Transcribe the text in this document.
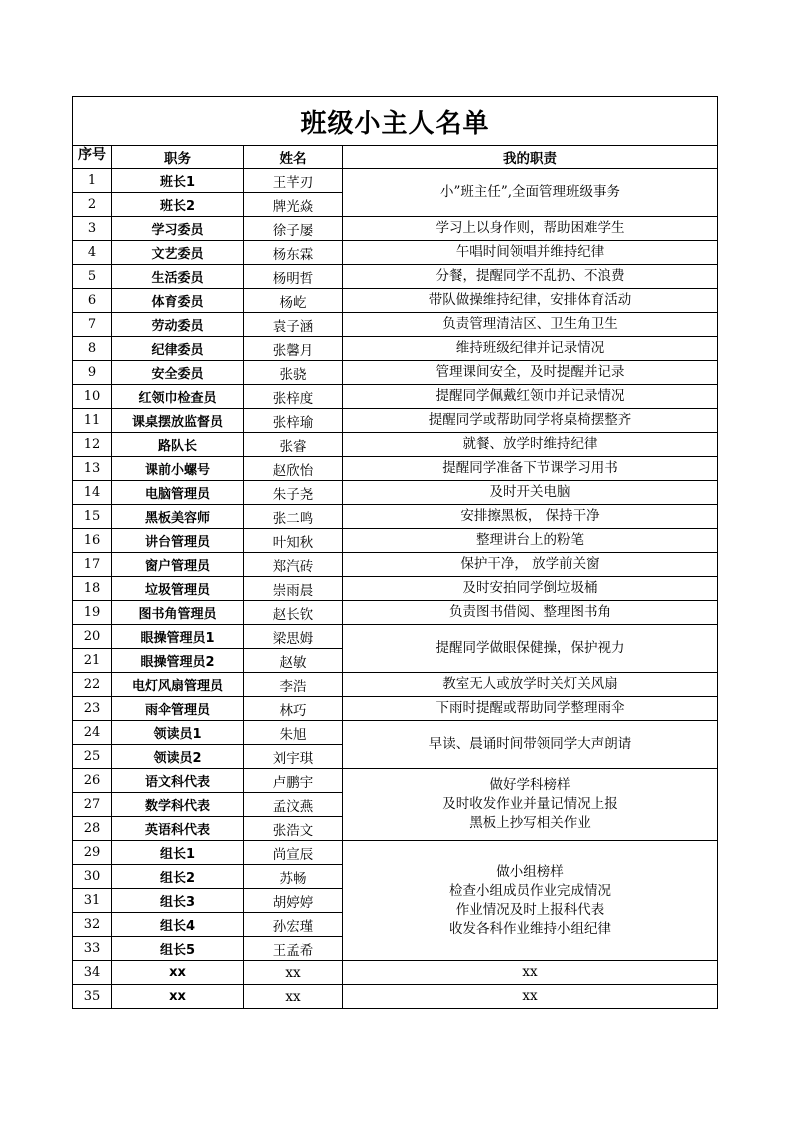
班级小主人名单			
序号	职务	姓名	我的职责
1	班长1	王芊刃	小”班主任”,全面管理班级事务

2	班长2	牌光焱	
3	学习委员	徐子屡	学习上以身作则，帮助困难学生

4	文艺委员	杨东霖	午唱时间领唱并维持纪律

5	生活委员	杨明哲	分餐，提醒同学不乱扔、不浪费

6	体育委员	杨屹	带队做操维持纪律，安排体育活动

7	劳动委员	袁子涵	负责管理清洁区、卫生角卫生

8	纪律委员	张馨月	维持班级纪律并记录情况

9	安全委员	张骁	管理课间安全，及时提醒并记录

10	红领巾检查员	张梓度	提醒同学佩戴红领巾并记录情况

11	课桌摆放监督员	张梓瑜	提醒同学或帮助同学将桌椅摆整齐

12	路队长	张睿	就餐、放学时维持纪律

13	课前小螺号	赵欣怡	提醒同学准备下节课学习用书

14	电脑管理员	朱子尧	及时开关电脑

15	黑板美容师	张二鸣	安排擦黑板， 保持干净

16	讲台管理员	叶知秋	整理讲台上的粉笔

17	窗户管理员	郑汽砖	保护干净， 放学前关窗

18	垃圾管理员	崇雨晨	及时安拍同学倒垃圾桶

19	图书角管理员	赵长钦	负责图书借阅、整理图书角

20	眼操管理员1	梁思姆	提醒同学做眼保健操，保护视力

21	眼操管理员2	赵敏	
22	电灯风扇管理员	李浩	教室无人或放学时关灯关风扇

23	雨伞管理员	林巧	下雨时提醒或帮助同学整理雨伞

24	领读员1	朱旭	早读、晨诵时间带领同学大声朗请

25	领读员2	刘宇琪	
26	语文科代表	卢鹏宇	做好学科榜样
及时收发作业并量记情况上报
黑板上抄写相关作业

27	数学科代表	孟汶燕	
28	英语科代表	张浩文	
29	组长1	尚宣辰	做小组榜样
检查小组成员作业完成情况
作业情况及时上报科代表
收发各科作业维持小组纪律

30	组长2	苏畅	
31	组长3	胡婷婷	
32	组长4	孙宏瑾	
33	组长5	王孟希	
34	xx	xx	xx

35	xx	xx	xx
